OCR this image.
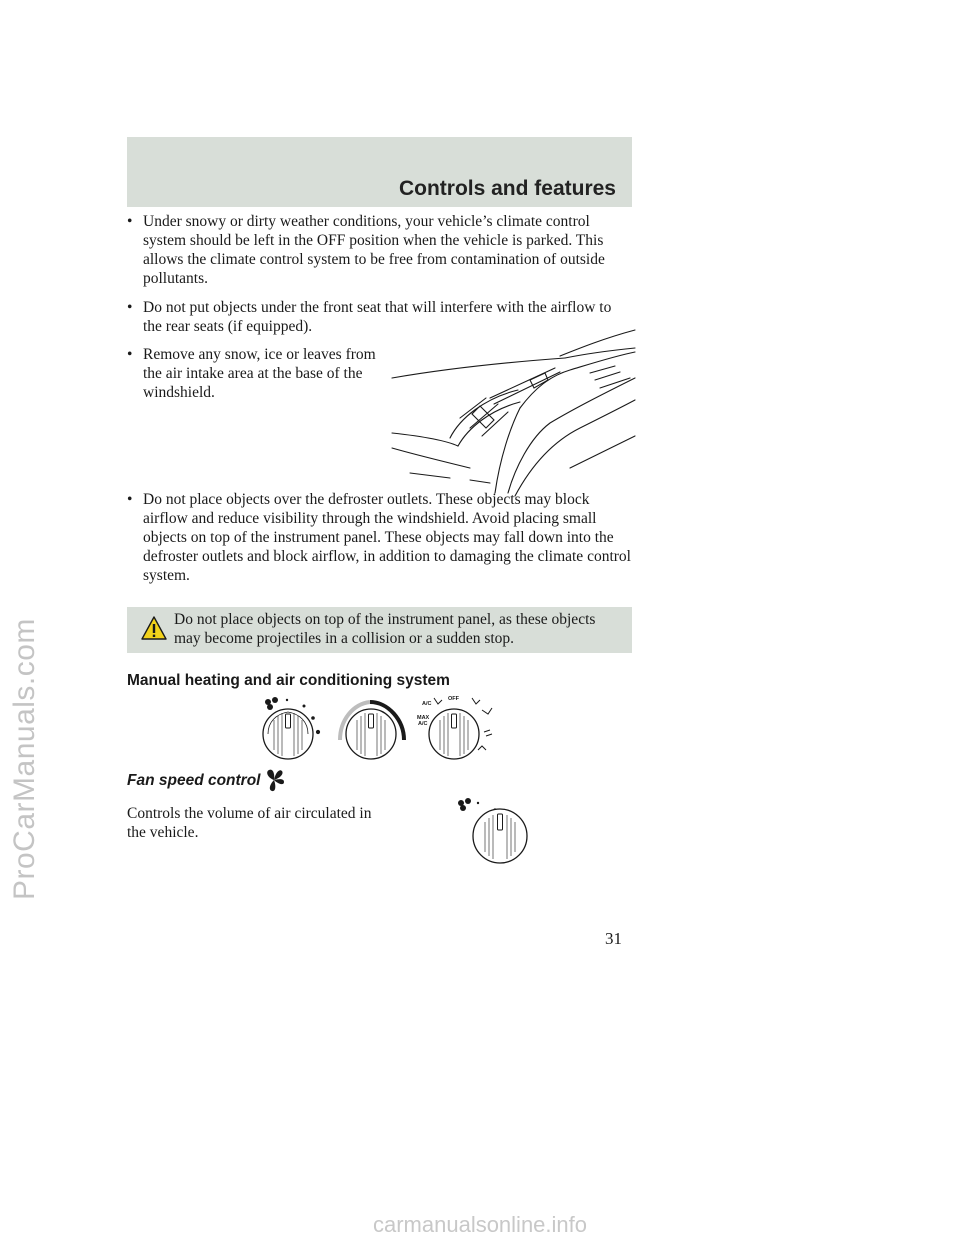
ProCarManuals.com
Controls and features
• Under snowy or dirty weather conditions, your vehicle’s climate control system should be left in the OFF position when the vehicle is parked. This allows the climate control system to be free from contamination of outside pollutants.
• Do not put objects under the front seat that will interfere with the airflow to the rear seats (if equipped).
• Remove any snow, ice or leaves from the air intake area at the base of the windshield.
• Do not place objects over the defroster outlets. These objects may block airflow and reduce visibility through the windshield. Avoid placing small objects on top of the instrument panel. These objects may fall down into the defroster outlets and block airflow, in addition to damaging the climate control system.
Do not place objects on top of the instrument panel, as these objects may become projectiles in a collision or a sudden stop.
Manual heating and air conditioning system
A/C
OFF
MAX
A/C
Fan speed control
Controls the volume of air circulated in the vehicle.
31
carmanualsonline.info
